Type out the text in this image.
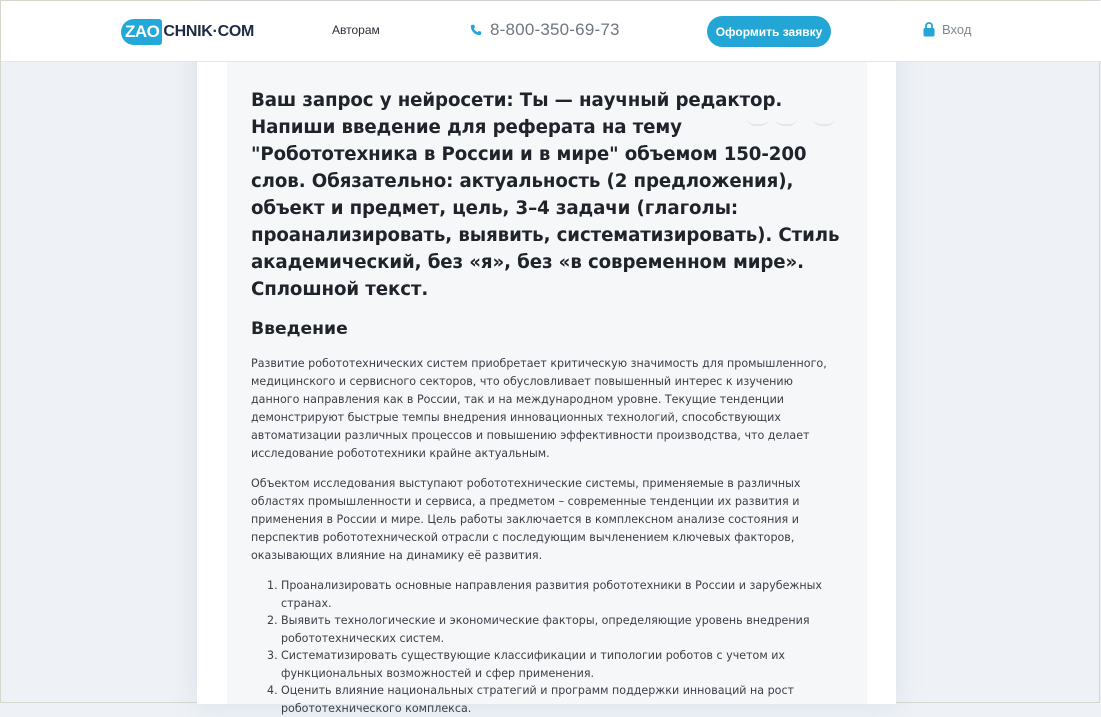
ZAO CHNIK·COM	Авторам	8-800-350-69-73	Оформить заявку	Вход
Ваш запрос у нейросети: Ты — научный редактор. Напиши введение для реферата на тему "Робототехника в России и в мире" объемом 150-200 слов. Обязательно: актуальность (2 предложения), объект и предмет, цель, 3–4 задачи (глаголы: проанализировать, выявить, систематизировать). Стиль академический, без «я», без «в современном мире». Сплошной текст.
Введение

Развитие робототехнических систем приобретает критическую значимость для промышленного, медицинского и сервисного секторов, что обусловливает повышенный интерес к изучению данного направления как в России, так и на международном уровне. Текущие тенденции демонстрируют быстрые темпы внедрения инновационных технологий, способствующих автоматизации различных процессов и повышению эффективности производства, что делает исследование робототехники крайне актуальным.

Объектом исследования выступают робототехнические системы, применяемые в различных областях промышленности и сервиса, а предметом – современные тенденции их развития и применения в России и мире. Цель работы заключается в комплексном анализе состояния и перспектив робототехнической отрасли с последующим вычленением ключевых факторов, оказывающих влияние на динамику её развития.

Проанализировать основные направления развития робототехники в России и зарубежных странах.
Выявить технологические и экономические факторы, определяющие уровень внедрения робототехнических систем.
Систематизировать существующие классификации и типологии роботов с учетом их функциональных возможностей и сфер применения.
Оценить влияние национальных стратегий и программ поддержки инноваций на рост робототехнического комплекса.
